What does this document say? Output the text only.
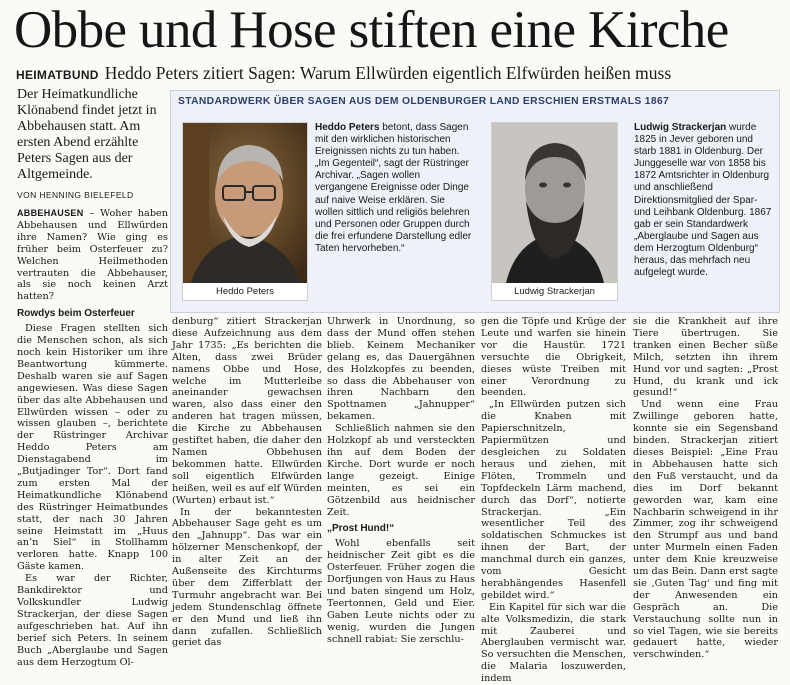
Obbe und Hose stiften eine Kirche
HEIMATBUND Heddo Peters zitiert Sagen: Warum Ellwürden eigentlich Elfwürden heißen muss
Der Heimatkundliche Klönabend findet jetzt in Abbehausen statt. Am ersten Abend erzählte Peters Sagen aus der Altgemeinde.
VON HENNING BIELEFELD

ABBEHAUSEN – Woher haben Abbehausen und Ellwürden ihre Namen? Wie ging es früher beim Osterfeuer zu? Welchen Heilmethoden vertrauten die Abbehauser, als sie noch keinen Arzt hatten?

Rowdys beim Osterfeuer

Diese Fragen stellten sich die Menschen schon, als sich noch kein Historiker um ihre Beantwortung kümmerte. Deshalb waren sie auf Sagen angewiesen. Was diese Sagen über das alte Abbehausen und Ellwürden wissen – oder zu wissen glauben –, berichtete der Rüstringer Archivar Heddo Peters am Dienstagabend im „Butjadinger Tor“. Dort fand zum ersten Mal der Heimatkundliche Klönabend des Rüstringer Heimatbundes statt, der nach 30 Jahren seine Heimstatt im „Huus an’n Siel“ in Stollhamm verloren hatte. Knapp 100 Gäste kamen.

Es war der Richter, Bankdirektor und Volkskundler Ludwig Strackerjan, der diese Sagen aufgeschrieben hat. Auf ihn berief sich Peters. In seinem Buch „Aberglaube und Sagen aus dem Herzogtum Ol-

STANDARDWERK ÜBER SAGEN AUS DEM OLDENBURGER LAND ERSCHIEN ERSTMALS 1867
Heddo Peters
Heddo Peters betont, dass Sagen mit den wirklichen historischen Ereignissen nichts zu tun haben. „Im Gegenteil“, sagt der Rüstringer Archivar. „Sagen wollen vergangene Ereignisse oder Dinge auf naive Weise erklären. Sie wollen sittlich und religiös belehren und Personen oder Gruppen durch die frei erfundene Darstellung edler Taten hervorheben.“
Ludwig Strackerjan
Ludwig Strackerjan wurde 1825 in Jever geboren und starb 1881 in Oldenburg. Der Junggeselle war von 1858 bis 1872 Amtsrichter in Oldenburg und anschließend Direktionsmitglied der Spar- und Leihbank Oldenburg. 1867 gab er sein Standardwerk „Aberglaube und Sagen aus dem Herzogtum Oldenburg“ heraus, das mehrfach neu aufgelegt wurde.

denburg“ zitiert Strackerjan diese Aufzeichnung aus dem Jahr 1735: „Es berichten die Alten, dass zwei Brüder namens Obbe und Hose, welche im Mutterleibe aneinander gewachsen waren, also dass einer den anderen hat tragen müssen, die Kirche zu Abbehausen gestiftet haben, die daher den Namen Obbehusen bekommen hatte. Ellwürden soll eigentlich Elfwürden heißen, weil es auf elf Würden (Wurten) erbaut ist.“

In der bekanntesten Abbehauser Sage geht es um den „Jahnupp“. Das war ein hölzerner Menschenkopf, der in alter Zeit an der Außenseite des Kirchturms über dem Zifferblatt der Turmuhr angebracht war. Bei jedem Stundenschlag öffnete er den Mund und ließ ihn dann zufallen. Schließlich geriet das

Uhrwerk in Unordnung, so dass der Mund offen stehen blieb. Keinem Mechaniker gelang es, das Dauergähnen des Holzkopfes zu beenden, so dass die Abbehauser von ihren Nachbarn den Spottnamen „Jahnupper“ bekamen.

Schließlich nahmen sie den Holzkopf ab und versteckten ihn auf dem Boden der Kirche. Dort wurde er noch lange gezeigt. Einige meinten, es sei ein Götzenbild aus heidnischer Zeit.

„Prost Hund!“

Wohl ebenfalls seit heidnischer Zeit gibt es die Osterfeuer. Früher zogen die Dorfjungen von Haus zu Haus und baten singend um Holz, Teertonnen, Geld und Eier. Gaben Leute nichts oder zu wenig, wurden die Jungen schnell rabiat: Sie zerschlu-

gen die Töpfe und Krüge der Leute und warfen sie hinein vor die Haustür. 1721 versuchte die Obrigkeit, dieses wüste Treiben mit einer Verordnung zu beenden.

„In Ellwürden putzen sich die Knaben mit Papierschnitzeln, Papiermützen und desgleichen zu Soldaten heraus und ziehen, mit Flöten, Trommeln und Topfdeckeln Lärm machend, durch das Dorf“, notierte Strackerjan. „Ein wesentlicher Teil des soldatischen Schmuckes ist ihnen der Bart, der manchmal durch ein ganzes, vom Gesicht herabhängendes Hasenfell gebildet wird.“

Ein Kapitel für sich war die alte Volksmedizin, die stark mit Zauberei und Aberglauben vermischt war. So versuchten die Menschen, die Malaria loszuwerden, indem

sie die Krankheit auf ihre Tiere übertrugen. Sie tranken einen Becher süße Milch, setzten ihn ihrem Hund vor und sagten: „Prost Hund, du krank und ick gesund!“

Und wenn eine Frau Zwillinge geboren hatte, konnte sie ein Segensband binden. Strackerjan zitiert dieses Beispiel: „Eine Frau in Abbehausen hatte sich den Fuß verstaucht, und da dies im Dorf bekannt geworden war, kam eine Nachbarin schweigend in ihr Zimmer, zog ihr schweigend den Strumpf aus und band unter Murmeln einen Faden unter dem Knie kreuzweise um das Bein. Dann erst sagte sie ‚Guten Tag‘ und fing mit der Anwesenden ein Gespräch an. Die Verstauchung sollte nun in so viel Tagen, wie sie bereits gedauert hatte, wieder verschwinden.“
